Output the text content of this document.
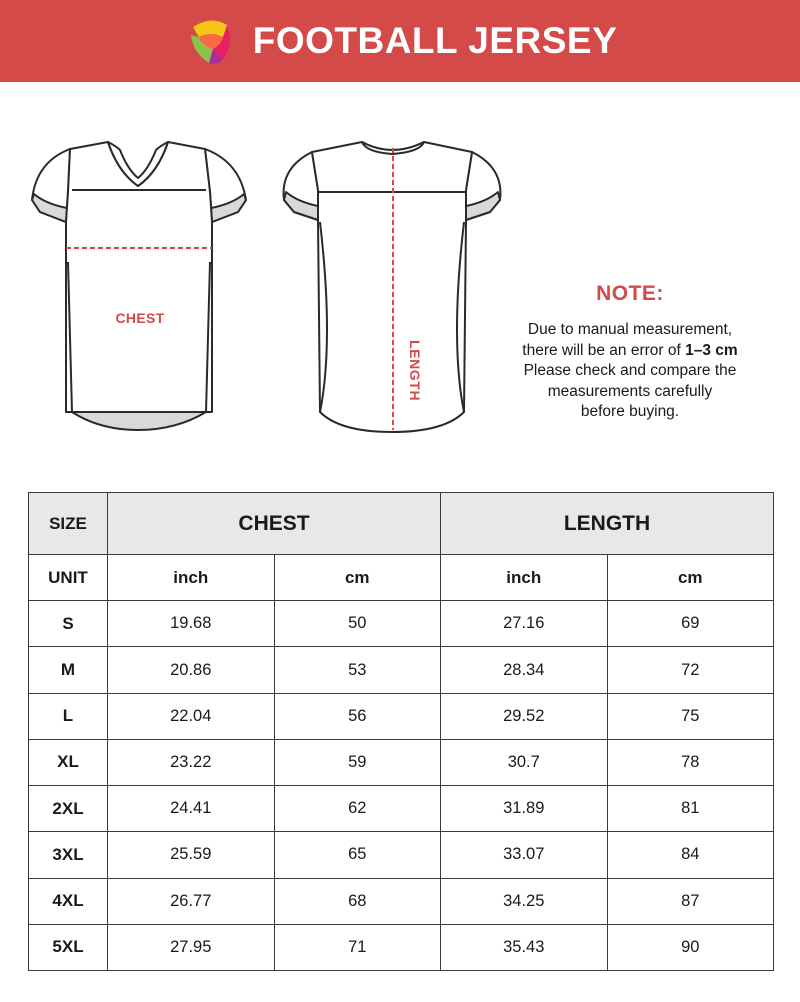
FOOTBALL JERSEY
CHEST
LENGTH
NOTE:
Due to manual measurement,
there will be an error of 1–3 cm
Please check and compare the
measurements carefully
before buying.
SIZE	CHEST		LENGTH	
UNIT	inch	cm	inch	cm
S	19.68	50	27.16	69
M	20.86	53	28.34	72
L	22.04	56	29.52	75
XL	23.22	59	30.7	78
2XL	24.41	62	31.89	81
3XL	25.59	65	33.07	84
4XL	26.77	68	34.25	87
5XL	27.95	71	35.43	90
